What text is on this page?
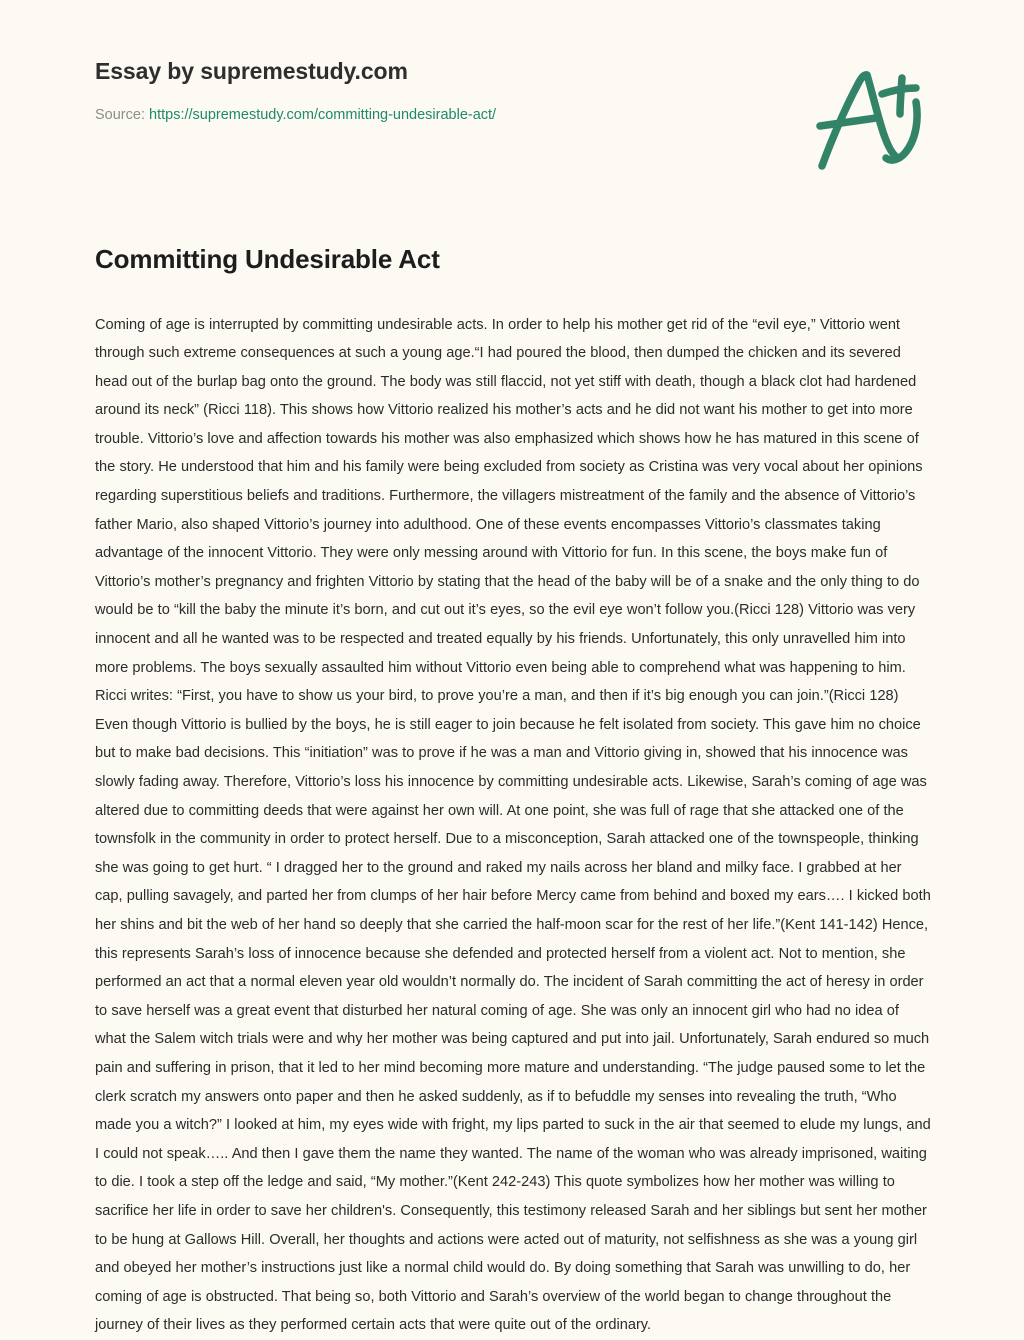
Essay by supremestudy.com
Source: https://supremestudy.com/committing-undesirable-act/
Committing Undesirable Act

Coming of age is interrupted by committing undesirable acts. In order to help his mother get rid of the “evil eye,” Vittorio went through such extreme consequences at such a young age.“I had poured the blood, then dumped the chicken and its severed head out of the burlap bag onto the ground. The body was still flaccid, not yet stiff with death, though a black clot had hardened around its neck” (Ricci 118). This shows how Vittorio realized his mother’s acts and he did not want his mother to get into more trouble. Vittorio’s love and affection towards his mother was also emphasized which shows how he has matured in this scene of the story. He understood that him and his family were being excluded from society as Cristina was very vocal about her opinions regarding superstitious beliefs and traditions. Furthermore, the villagers mistreatment of the family and the absence of Vittorio’s father Mario, also shaped Vittorio’s journey into adulthood. One of these events encompasses Vittorio’s classmates taking advantage of the innocent Vittorio. They were only messing around with Vittorio for fun. In this scene, the boys make fun of Vittorio’s mother’s pregnancy and frighten Vittorio by stating that the head of the baby will be of a snake and the only thing to do would be to “kill the baby the minute it’s born, and cut out it’s eyes, so the evil eye won’t follow you.(Ricci 128) Vittorio was very innocent and all he wanted was to be respected and treated equally by his friends. Unfortunately, this only unravelled him into more problems. The boys sexually assaulted him without Vittorio even being able to comprehend what was happening to him. Ricci writes: “First, you have to show us your bird, to prove you’re a man, and then if it’s big enough you can join.”(Ricci 128) Even though Vittorio is bullied by the boys, he is still eager to join because he felt isolated from society. This gave him no choice but to make bad decisions. This “initiation” was to prove if he was a man and Vittorio giving in, showed that his innocence was slowly fading away. Therefore, Vittorio’s loss his innocence by committing undesirable acts. Likewise, Sarah’s coming of age was altered due to committing deeds that were against her own will. At one point, she was full of rage that she attacked one of the townsfolk in the community in order to protect herself. Due to a misconception, Sarah attacked one of the townspeople, thinking she was going to get hurt. “ I dragged her to the ground and raked my nails across her bland and milky face. I grabbed at her cap, pulling savagely, and parted her from clumps of her hair before Mercy came from behind and boxed my ears…. I kicked both her shins and bit the web of her hand so deeply that she carried the half-moon scar for the rest of her life.”(Kent 141-142) Hence, this represents Sarah’s loss of innocence because she defended and protected herself from a violent act. Not to mention, she performed an act that a normal eleven year old wouldn’t normally do. The incident of Sarah committing the act of heresy in order to save herself was a great event that disturbed her natural coming of age. She was only an innocent girl who had no idea of what the Salem witch trials were and why her mother was being captured and put into jail. Unfortunately, Sarah endured so much pain and suffering in prison, that it led to her mind becoming more mature and understanding. “The judge paused some to let the clerk scratch my answers onto paper and then he asked suddenly, as if to befuddle my senses into revealing the truth, “Who made you a witch?” I looked at him, my eyes wide with fright, my lips parted to suck in the air that seemed to elude my lungs, and I could not speak….. And then I gave them the name they wanted. The name of the woman who was already imprisoned, waiting to die. I took a step off the ledge and said, “My mother.”(Kent 242-243) This quote symbolizes how her mother was willing to sacrifice her life in order to save her children's. Consequently, this testimony released Sarah and her siblings but sent her mother to be hung at Gallows Hill. Overall, her thoughts and actions were acted out of maturity, not selfishness as she was a young girl and obeyed her mother’s instructions just like a normal child would do. By doing something that Sarah was unwilling to do, her coming of age is obstructed. That being so, both Vittorio and Sarah’s overview of the world began to change throughout the journey of their lives as they performed certain acts that were quite out of the ordinary.
